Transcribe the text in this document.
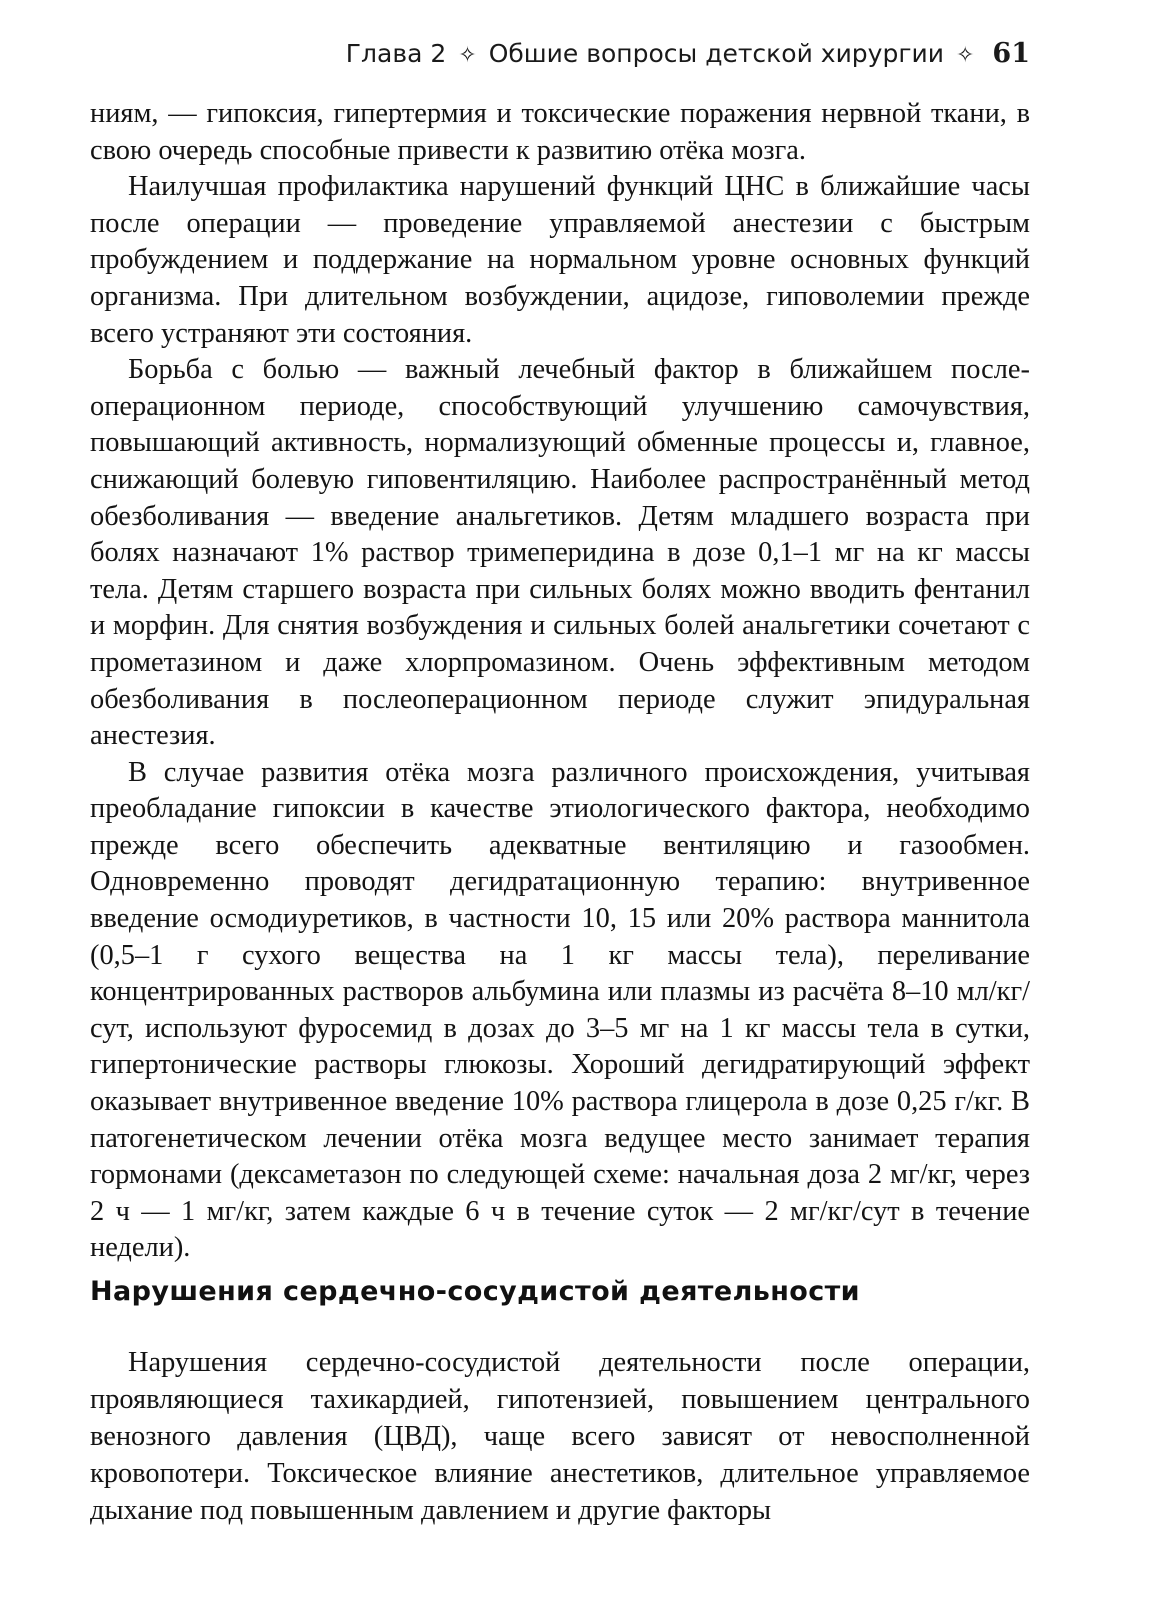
Глава 2 ✧ Обшие вопросы детской хирургии ✧ 61

ниям, — гипоксия, гипертермия и токсические поражения нервной ткани, в свою очередь способные привести к развитию отёка мозга.

Наилучшая профилактика нарушений функций ЦНС в ближайшие часы после операции — проведение управляемой анестезии с быстрым пробуждением и поддержание на нормальном уровне основных функций организма. При длительном возбуждении, ацидозе, гиповолемии прежде всего устраняют эти состояния.

Борьба с болью — важный лечебный фактор в ближайшем послеоперационном периоде, способствующий улучшению самочувствия, повышающий активность, нормализующий обменные процессы и, главное, снижающий болевую гиповентиляцию. Наиболее распространённый метод обезболивания — введение анальгетиков. Детям младшего возраста при болях назначают 1% раствор тримеперидина в дозе 0,1–1 мг на кг массы тела. Детям старшего возраста при сильных болях можно вводить фентанил и морфин. Для снятия возбуждения и сильных болей анальгетики сочетают с прометазином и даже хлорпромазином. Очень эффективным методом обезболивания в послеоперационном периоде служит эпидуральная анестезия.

В случае развития отёка мозга различного происхождения, учитывая преобладание гипоксии в качестве этиологического фактора, необходимо прежде всего обеспечить адекватные вентиляцию и газообмен. Одновременно проводят дегидратационную терапию: внутривенное введение осмодиуретиков, в частности 10, 15 или 20% раствора маннитола (0,5–1 г сухого вещества на 1 кг массы тела), переливание концентрированных растворов альбумина или плазмы из расчёта 8–10 мл/кг/сут, используют фуросемид в дозах до 3–5 мг на 1 кг массы тела в сутки, гипертонические растворы глюкозы. Хороший дегидратирующий эффект оказывает внутривенное введение 10% раствора глицерола в дозе 0,25 г/кг. В патогенетическом лечении отёка мозга ведущее место занимает терапия гормонами (дексаметазон по следующей схеме: начальная доза 2 мг/кг, через 2 ч — 1 мг/кг, затем каждые 6 ч в течение суток — 2 мг/кг/сут в течение недели).

Нарушения сердечно-сосудистой деятельности

Нарушения сердечно-сосудистой деятельности после операции, проявляющиеся тахикардией, гипотензией, повышением центрального венозного давления (ЦВД), чаще всего зависят от невосполненной кровопотери. Токсическое влияние анестетиков, длительное управляемое дыхание под повышенным давлением и другие факторы
